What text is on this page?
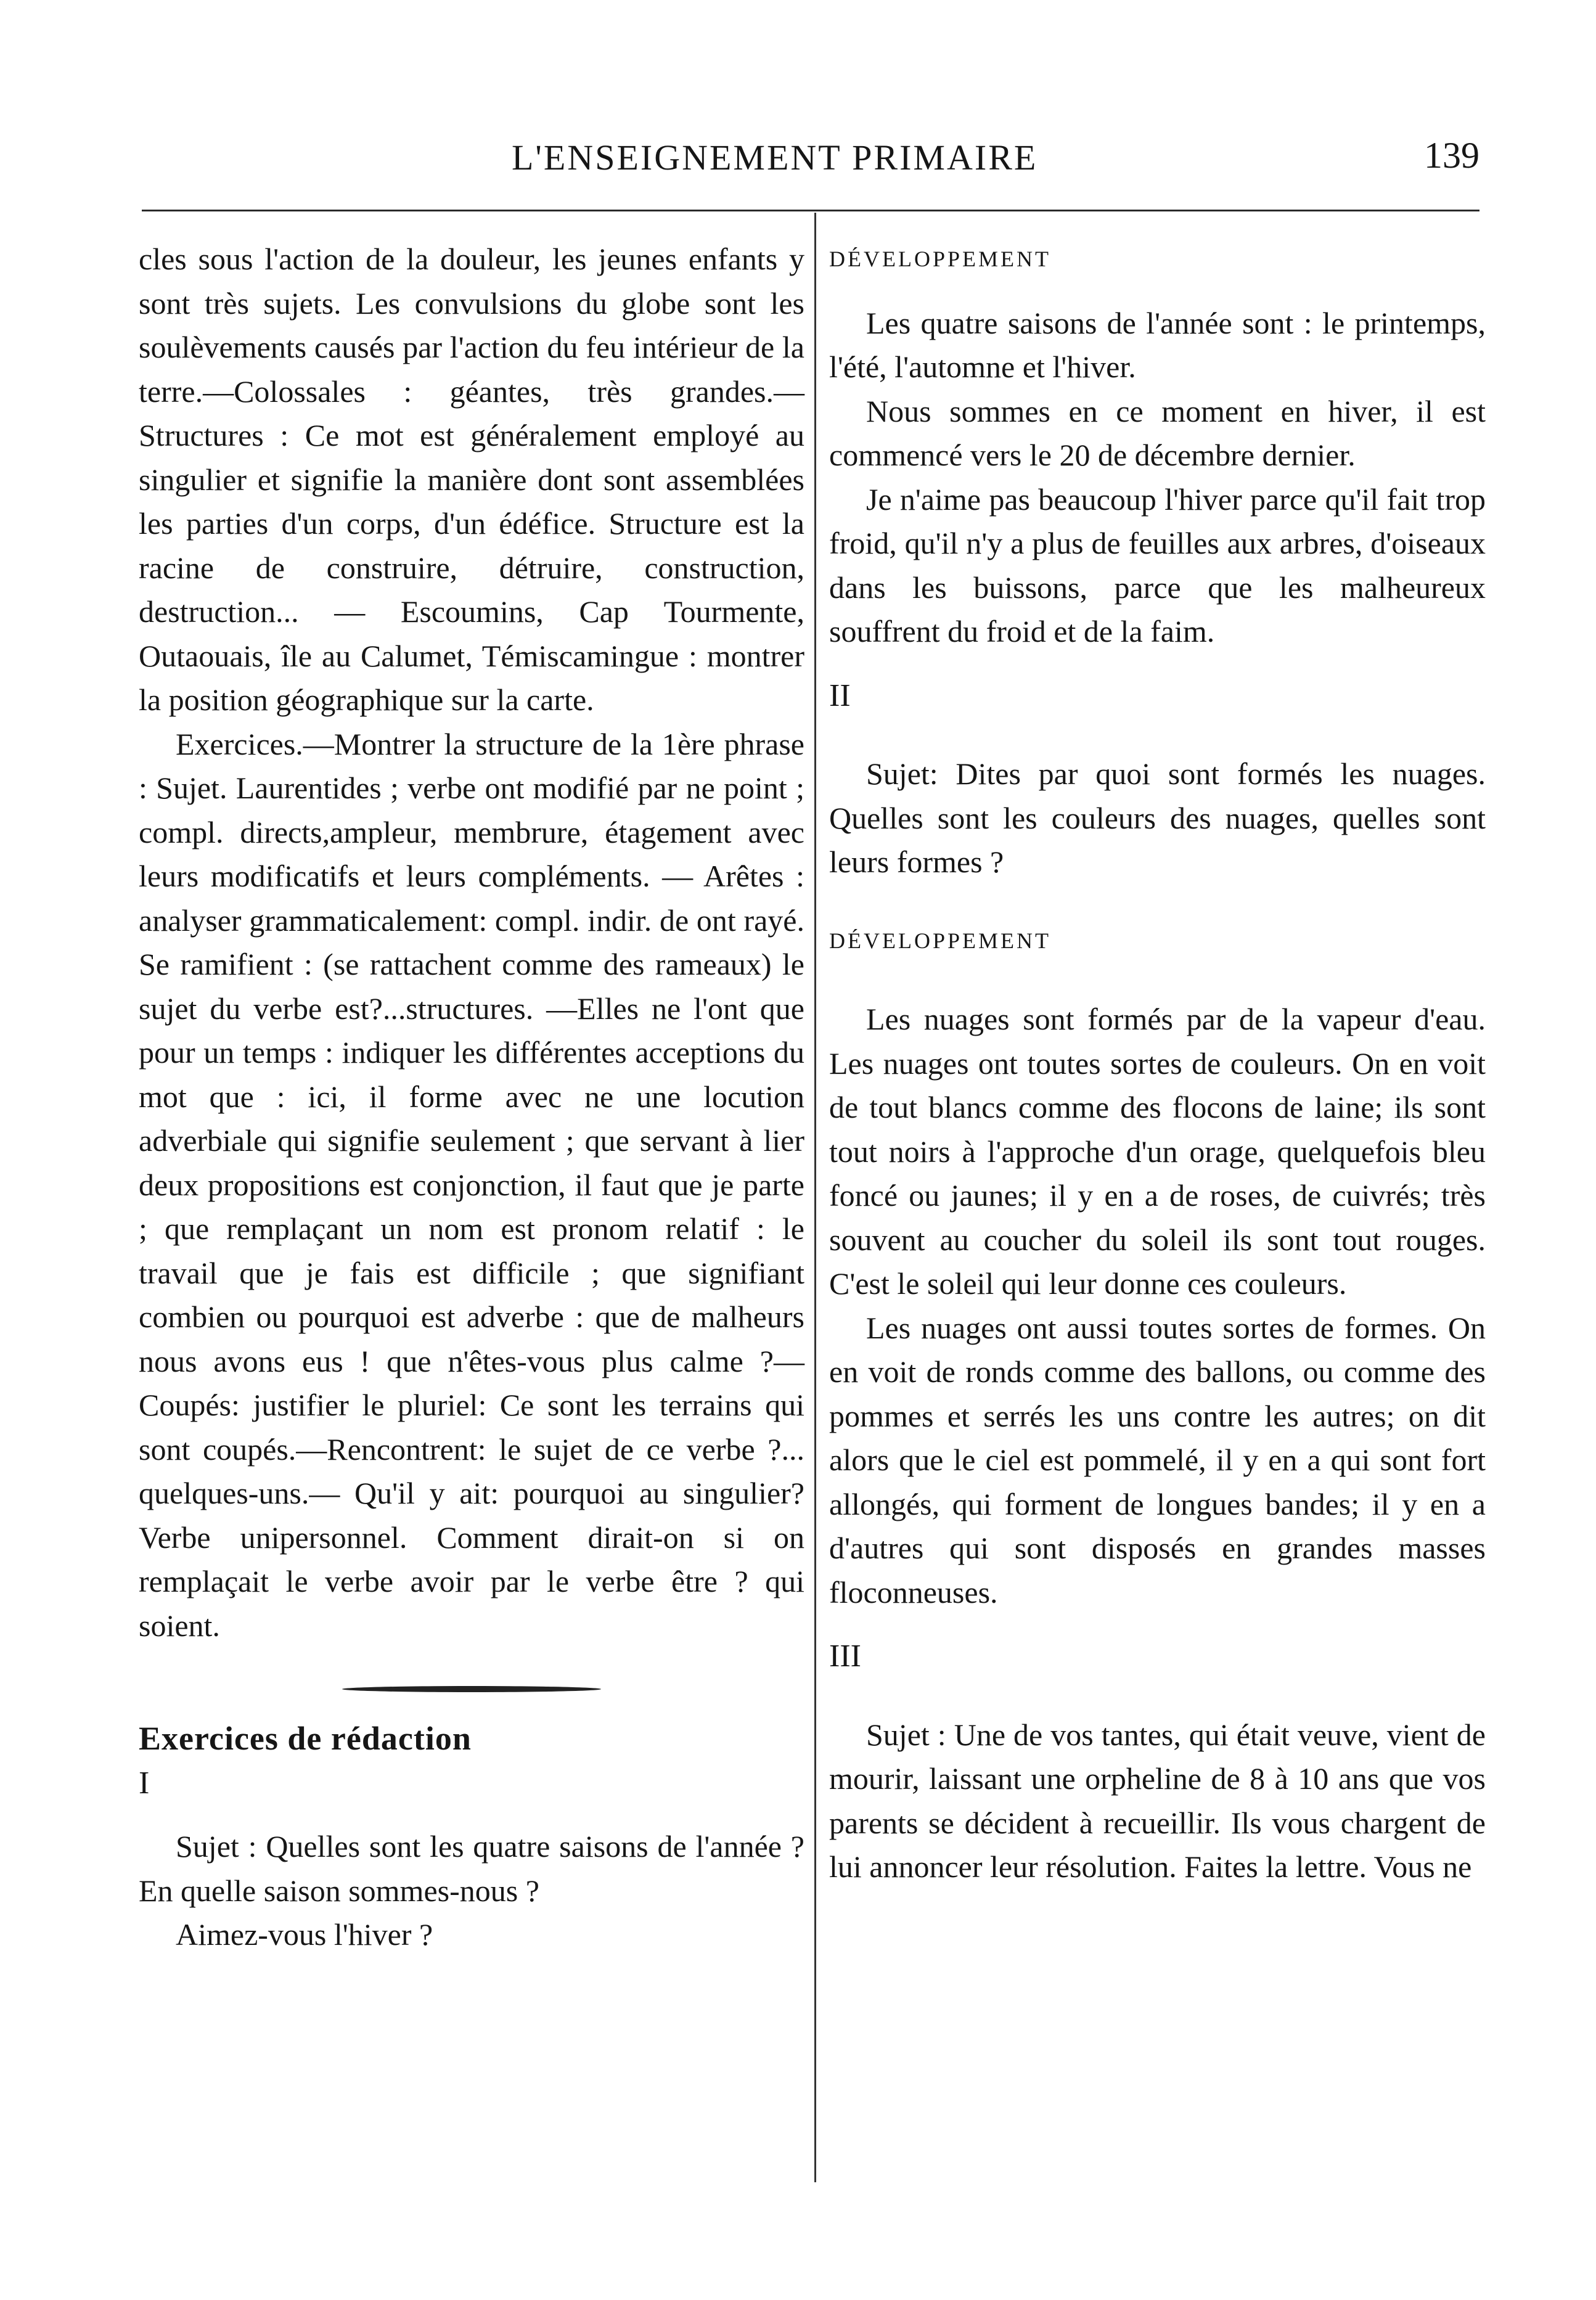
L'ENSEIGNEMENT PRIMAIRE	139

cles sous l'action de la douleur, les jeunes enfants y sont très sujets. Les convulsions du globe sont les soulèvements causés par l'action du feu intérieur de la terre.—Colossales : géantes, très grandes.—Structures : Ce mot est généralement employé au singulier et signifie la manière dont sont assemblées les parties d'un corps, d'un édéfice. Structure est la racine de construire, détruire, construction, destruction... — Escoumins, Cap Tourmente, Outaouais, île au Calumet, Témiscamingue : montrer la position géographique sur la carte.

Exercices.—Montrer la structure de la 1ère phrase : Sujet. Laurentides ; verbe ont modifié par ne point ; compl. directs,ampleur, membrure, étagement avec leurs modificatifs et leurs compléments. — Arêtes : analyser grammaticalement: compl. indir. de ont rayé. Se ramifient : (se rattachent comme des rameaux) le sujet du verbe est?...structures. —Elles ne l'ont que pour un temps : indiquer les différentes acceptions du mot que : ici, il forme avec ne une locution adverbiale qui signifie seulement ; que servant à lier deux propositions est conjonction, il faut que je parte ; que remplaçant un nom est pronom relatif : le travail que je fais est difficile ; que signifiant combien ou pourquoi est adverbe : que de malheurs nous avons eus ! que n'êtes-vous plus calme ?—Coupés: justifier le pluriel: Ce sont les terrains qui sont coupés.—Rencontrent: le sujet de ce verbe ?... quelques-uns.— Qu'il y ait: pourquoi au singulier? Verbe unipersonnel. Comment dirait-on si on remplaçait le verbe avoir par le verbe être ? qui soient.

Exercices de rédaction

I

Sujet : Quelles sont les quatre saisons de l'année ? En quelle saison sommes-nous ?

Aimez-vous l'hiver ?

DÉVELOPPEMENT

Les quatre saisons de l'année sont : le printemps, l'été, l'automne et l'hiver.

Nous sommes en ce moment en hiver, il est commencé vers le 20 de décembre dernier.

Je n'aime pas beaucoup l'hiver parce qu'il fait trop froid, qu'il n'y a plus de feuilles aux arbres, d'oiseaux dans les buissons, parce que les malheureux souffrent du froid et de la faim.

II

Sujet: Dites par quoi sont formés les nuages. Quelles sont les couleurs des nuages, quelles sont leurs formes ?

DÉVELOPPEMENT

Les nuages sont formés par de la vapeur d'eau. Les nuages ont toutes sortes de couleurs. On en voit de tout blancs comme des flocons de laine; ils sont tout noirs à l'approche d'un orage, quelquefois bleu foncé ou jaunes; il y en a de roses, de cuivrés; très souvent au coucher du soleil ils sont tout rouges. C'est le soleil qui leur donne ces couleurs.

Les nuages ont aussi toutes sortes de formes. On en voit de ronds comme des ballons, ou comme des pommes et serrés les uns contre les autres; on dit alors que le ciel est pommelé, il y en a qui sont fort allongés, qui forment de longues bandes; il y en a d'autres qui sont disposés en grandes masses floconneuses.

III

Sujet : Une de vos tantes, qui était veuve, vient de mourir, laissant une orpheline de 8 à 10 ans que vos parents se décident à recueillir. Ils vous chargent de lui annoncer leur résolution. Faites la lettre. Vous ne
